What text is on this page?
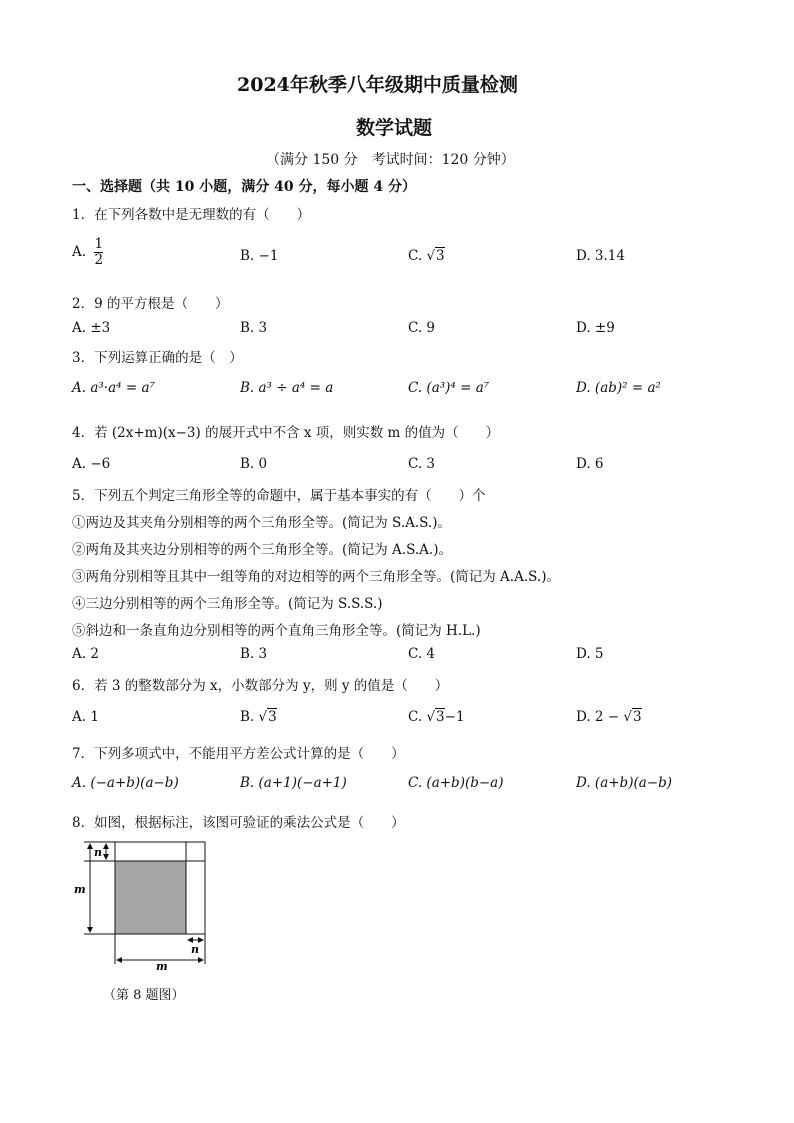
2024年秋季八年级期中质量检测
数学试题
（满分 150 分　考试时间：120 分钟）
一、选择题（共 10 小题，满分 40 分，每小题 4 分）
1．在下列各数中是无理数的有（　　）
A. $\frac{1}{2}$	B. −1	C. √3	D. 3.14
2．9 的平方根是（　　）
A. ±3	B. 3	C. 9	D. ±9
3．下列运算正确的是（　）
A. a³·a⁴ = a⁷	B. a³ ÷ a⁴ = a	C. (a³)⁴ = a⁷	D. (ab)² = a²
4．若 (2x+m)(x−3) 的展开式中不含 x 项，则实数 m 的值为（　　）
A. −6	B. 0	C. 3	D. 6
5．下列五个判定三角形全等的命题中，属于基本事实的有（　　）个
①两边及其夹角分别相等的两个三角形全等。(简记为 S.A.S.)。
②两角及其夹边分别相等的两个三角形全等。(简记为 A.S.A.)。
③两角分别相等且其中一组等角的对边相等的两个三角形全等。(简记为 A.A.S.)。
④三边分别相等的两个三角形全等。(简记为 S.S.S.)
⑤斜边和一条直角边分别相等的两个直角三角形全等。(简记为 H.L.)
A. 2	B. 3	C. 4	D. 5
6．若 3 的整数部分为 x，小数部分为 y，则 y 的值是（　　）
A. 1	B. √3	C. √3−1	D. 2 − √3
7．下列多项式中，不能用平方差公式计算的是（　　）
A. (−a+b)(a−b)	B. (a+1)(−a+1)	C. (a+b)(b−a)	D. (a+b)(a−b)
8．如图，根据标注，该图可验证的乘法公式是（　　）
n
m
n
m
（第 8 题图）
